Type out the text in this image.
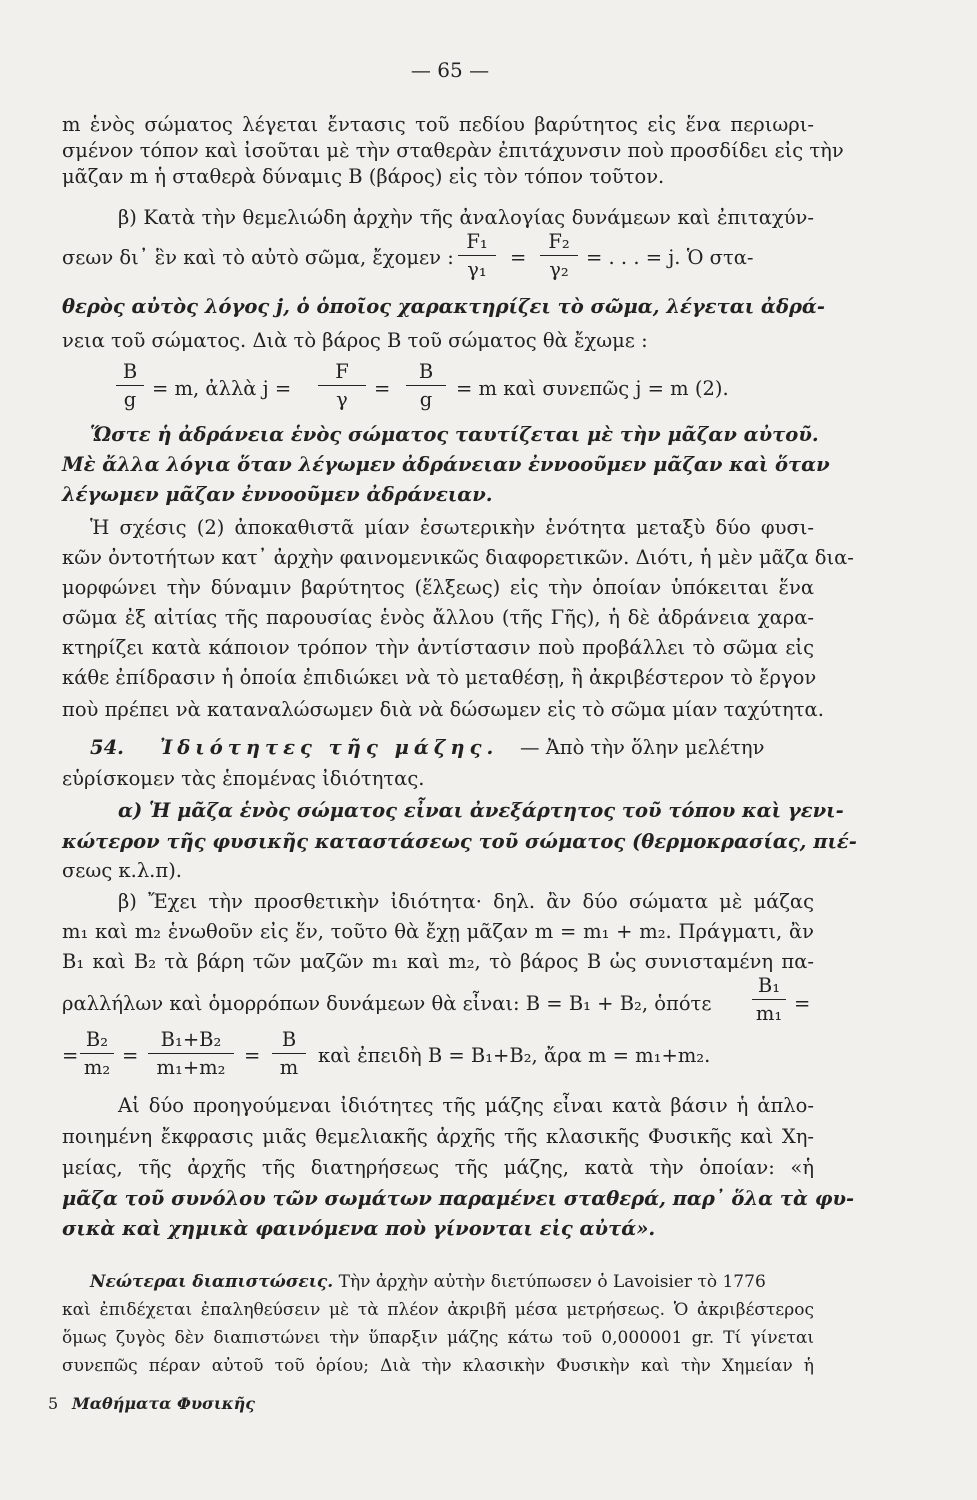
— 65 —
m ἑνὸς σώματος λέγεται ἔντασις τοῦ πεδίου βαρύτητος εἰς ἕνα περιωρι-
σμένον τόπον καὶ ἰσοῦται μὲ τὴν σταθερὰν ἐπιτάχυνσιν ποὺ προσδίδει εἰς τὴν
μᾶζαν m ἡ σταθερὰ δύναμις Β (βάρος) εἰς τὸν τόπον τοῦτον.
β) Κατὰ τὴν θεμελιώδη ἀρχὴν τῆς ἀναλογίας δυνάμεων καὶ ἐπιταχύν-
σεων δι᾽ ἓν καὶ τὸ αὐτὸ σῶμα, ἔχομεν :
F₁
γ₁
=
F₂
γ₂
= . . . = j. Ὁ στα-
θερὸς αὐτὸς λόγος j, ὁ ὁποῖος χαρακτηρίζει τὸ σῶμα, λέγεται ἀδρά-
νεια τοῦ σώματος. Διὰ τὸ βάρος Β τοῦ σώματος θὰ ἔχωμε :
B
g = m, ἀλλὰ j =
F
γ	=
B
g	= m καὶ συνεπῶς j = m (2).
Ὥστε ἡ ἀδράνεια ἑνὸς σώματος ταυτίζεται μὲ τὴν μᾶζαν αὐτοῦ.
Μὲ ἄλλα λόγια ὅταν λέγωμεν ἀδράνειαν ἐννοοῦμεν μᾶζαν καὶ ὅταν
λέγωμεν μᾶζαν ἐννοοῦμεν ἀδράνειαν.
Ἡ σχέσις (2) ἀποκαθιστᾶ μίαν ἐσωτερικὴν ἑνότητα μεταξὺ δύο φυσι-
κῶν ὀντοτήτων κατ᾽ ἀρχὴν φαινομενικῶς διαφορετικῶν. Διότι, ἡ μὲν μᾶζα δια-
μορφώνει τὴν δύναμιν βαρύτητος (ἕλξεως) εἰς τὴν ὁποίαν ὑπόκειται ἕνα
σῶμα ἐξ αἰτίας τῆς παρουσίας ἑνὸς ἄλλου (τῆς Γῆς), ἡ δὲ ἀδράνεια χαρα-
κτηρίζει κατὰ κάποιον τρόπον τὴν ἀντίστασιν ποὺ προβάλλει τὸ σῶμα εἰς
κάθε ἐπίδρασιν ἡ ὁποία ἐπιδιώκει νὰ τὸ μεταθέσῃ, ἢ ἀκριβέστερον τὸ ἔργον
ποὺ πρέπει νὰ καταναλώσωμεν διὰ νὰ δώσωμεν εἰς τὸ σῶμα μίαν ταχύτητα.
54. Ἰδιότητες τῆς μάζης. — Ἀπὸ τὴν ὅλην μελέτην
εὑρίσκομεν τὰς ἑπομένας ἰδιότητας.
α) Ἡ μᾶζα ἑνὸς σώματος εἶναι ἀνεξάρτητος τοῦ τόπου καὶ γενι-
κώτερον τῆς φυσικῆς καταστάσεως τοῦ σώματος (θερμοκρασίας, πιέ-
σεως κ.λ.π).
β) Ἔχει τὴν προσθετικὴν ἰδιότητα· δηλ. ἂν δύο σώματα μὲ μάζας
m₁ καὶ m₂ ἑνωθοῦν εἰς ἕν, τοῦτο θὰ ἔχῃ μᾶζαν m = m₁ + m₂. Πράγματι, ἂν
B₁ καὶ B₂ τὰ βάρη τῶν μαζῶν m₁ καὶ m₂, τὸ βάρος B ὡς συνισταμένη πα-
ραλλήλων καὶ ὁμορρόπων δυνάμεων θὰ εἶναι: B = B₁ + B₂, ὁπότε
B₁
m₁ =
=
B₂
m₂
=
B₁+B₂
m₁+m₂
=
B
m
καὶ ἐπειδὴ B = B₁+B₂, ἄρα m = m₁+m₂.
Αἱ δύο προηγούμεναι ἰδιότητες τῆς μάζης εἶναι κατὰ βάσιν ἡ ἁπλο-
ποιημένη ἔκφρασις μιᾶς θεμελιακῆς ἀρχῆς τῆς κλασικῆς Φυσικῆς καὶ Χη-
μείας, τῆς ἀρχῆς τῆς διατηρήσεως τῆς μάζης, κατὰ τὴν ὁποίαν: «ἡ
μᾶζα τοῦ συνόλου τῶν σωμάτων παραμένει σταθερά, παρ᾽ ὅλα τὰ φυ-
σικὰ καὶ χημικὰ φαινόμενα ποὺ γίνονται εἰς αὐτά».
Νεώτεραι διαπιστώσεις. Τὴν ἀρχὴν αὐτὴν διετύπωσεν ὁ Lavoisier τὸ 1776
καὶ ἐπιδέχεται ἐπαληθεύσειν μὲ τὰ πλέον ἀκριβῆ μέσα μετρήσεως. Ὁ ἀκριβέστερος
ὅμως ζυγὸς δὲν διαπιστώνει τὴν ὕπαρξιν μάζης κάτω τοῦ 0,000001 gr. Τί γίνεται
συνεπῶς πέραν αὐτοῦ τοῦ ὁρίου; Διὰ τὴν κλασικὴν Φυσικὴν καὶ τὴν Χημείαν ἡ
5 Μαθήματα Φυσικῆς
